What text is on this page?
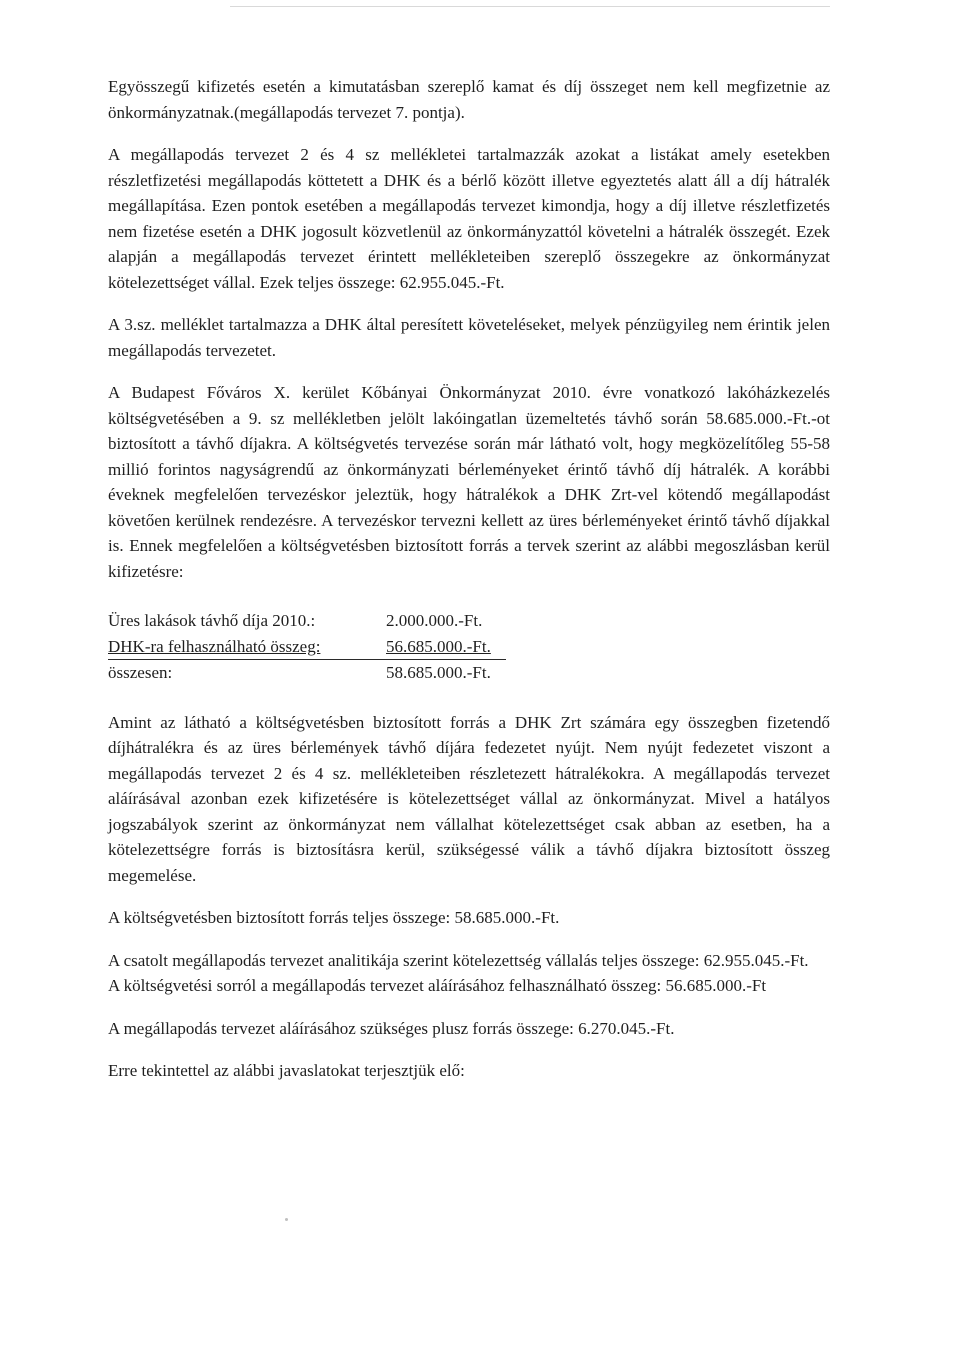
Egyösszegű kifizetés esetén a kimutatásban szereplő kamat és díj összeget nem kell megfizetnie az önkormányzatnak.(megállapodás tervezet 7. pontja).

A megállapodás tervezet 2 és 4 sz mellékletei tartalmazzák azokat a listákat amely esetekben részletfizetési megállapodás köttetett a DHK és a bérlő között illetve egyeztetés alatt áll a díj hátralék megállapítása. Ezen pontok esetében a megállapodás tervezet kimondja, hogy a díj illetve részletfizetés nem fizetése esetén a DHK jogosult közvetlenül az önkormányzattól követelni a hátralék összegét. Ezek alapján a megállapodás tervezet érintett mellékleteiben szereplő összegekre az önkormányzat kötelezettséget vállal. Ezek teljes összege: 62.955.045.-Ft.

A 3.sz. melléklet tartalmazza a DHK által peresített követeléseket, melyek pénzügyileg nem érintik jelen megállapodás tervezetet.

A Budapest Főváros X. kerület Kőbányai Önkormányzat 2010. évre vonatkozó lakóházkezelés költségvetésében a 9. sz mellékletben jelölt lakóingatlan üzemeltetés távhő során 58.685.000.-Ft.-ot biztosított a távhő díjakra. A költségvetés tervezése során már látható volt, hogy megközelítőleg 55-58 millió forintos nagyságrendű az önkormányzati bérleményeket érintő távhő díj hátralék. A korábbi éveknek megfelelően tervezéskor jeleztük, hogy hátralékok a DHK Zrt-vel kötendő megállapodást követően kerülnek rendezésre. A tervezéskor tervezni kellett az üres bérleményeket érintő távhő díjakkal is. Ennek megfelelően a költségvetésben biztosított forrás a tervek szerint az alábbi megoszlásban kerül kifizetésre:

Üres lakások távhő díja 2010.:	2.000.000.-Ft.
DHK-ra felhasználható összeg:	56.685.000.-Ft.
összesen:	58.685.000.-Ft.

Amint az látható a költségvetésben biztosított forrás a DHK Zrt számára egy összegben fizetendő díjhátralékra és az üres bérlemények távhő díjára fedezetet nyújt. Nem nyújt fedezetet viszont a megállapodás tervezet 2 és 4 sz. mellékleteiben részletezett hátralékokra. A megállapodás tervezet aláírásával azonban ezek kifizetésére is kötelezettséget vállal az önkormányzat. Mivel a hatályos jogszabályok szerint az önkormányzat nem vállalhat kötelezettséget csak abban az esetben, ha a kötelezettségre forrás is biztosításra kerül, szükségessé válik a távhő díjakra biztosított összeg megemelése.

A költségvetésben biztosított forrás teljes összege: 58.685.000.-Ft.

A csatolt megállapodás tervezet analitikája szerint kötelezettség vállalás teljes összege: 62.955.045.-Ft.

A költségvetési sorról a megállapodás tervezet aláírásához felhasználható összeg: 56.685.000.-Ft

A megállapodás tervezet aláírásához szükséges plusz forrás összege: 6.270.045.-Ft.

Erre tekintettel az alábbi javaslatokat terjesztjük elő:
